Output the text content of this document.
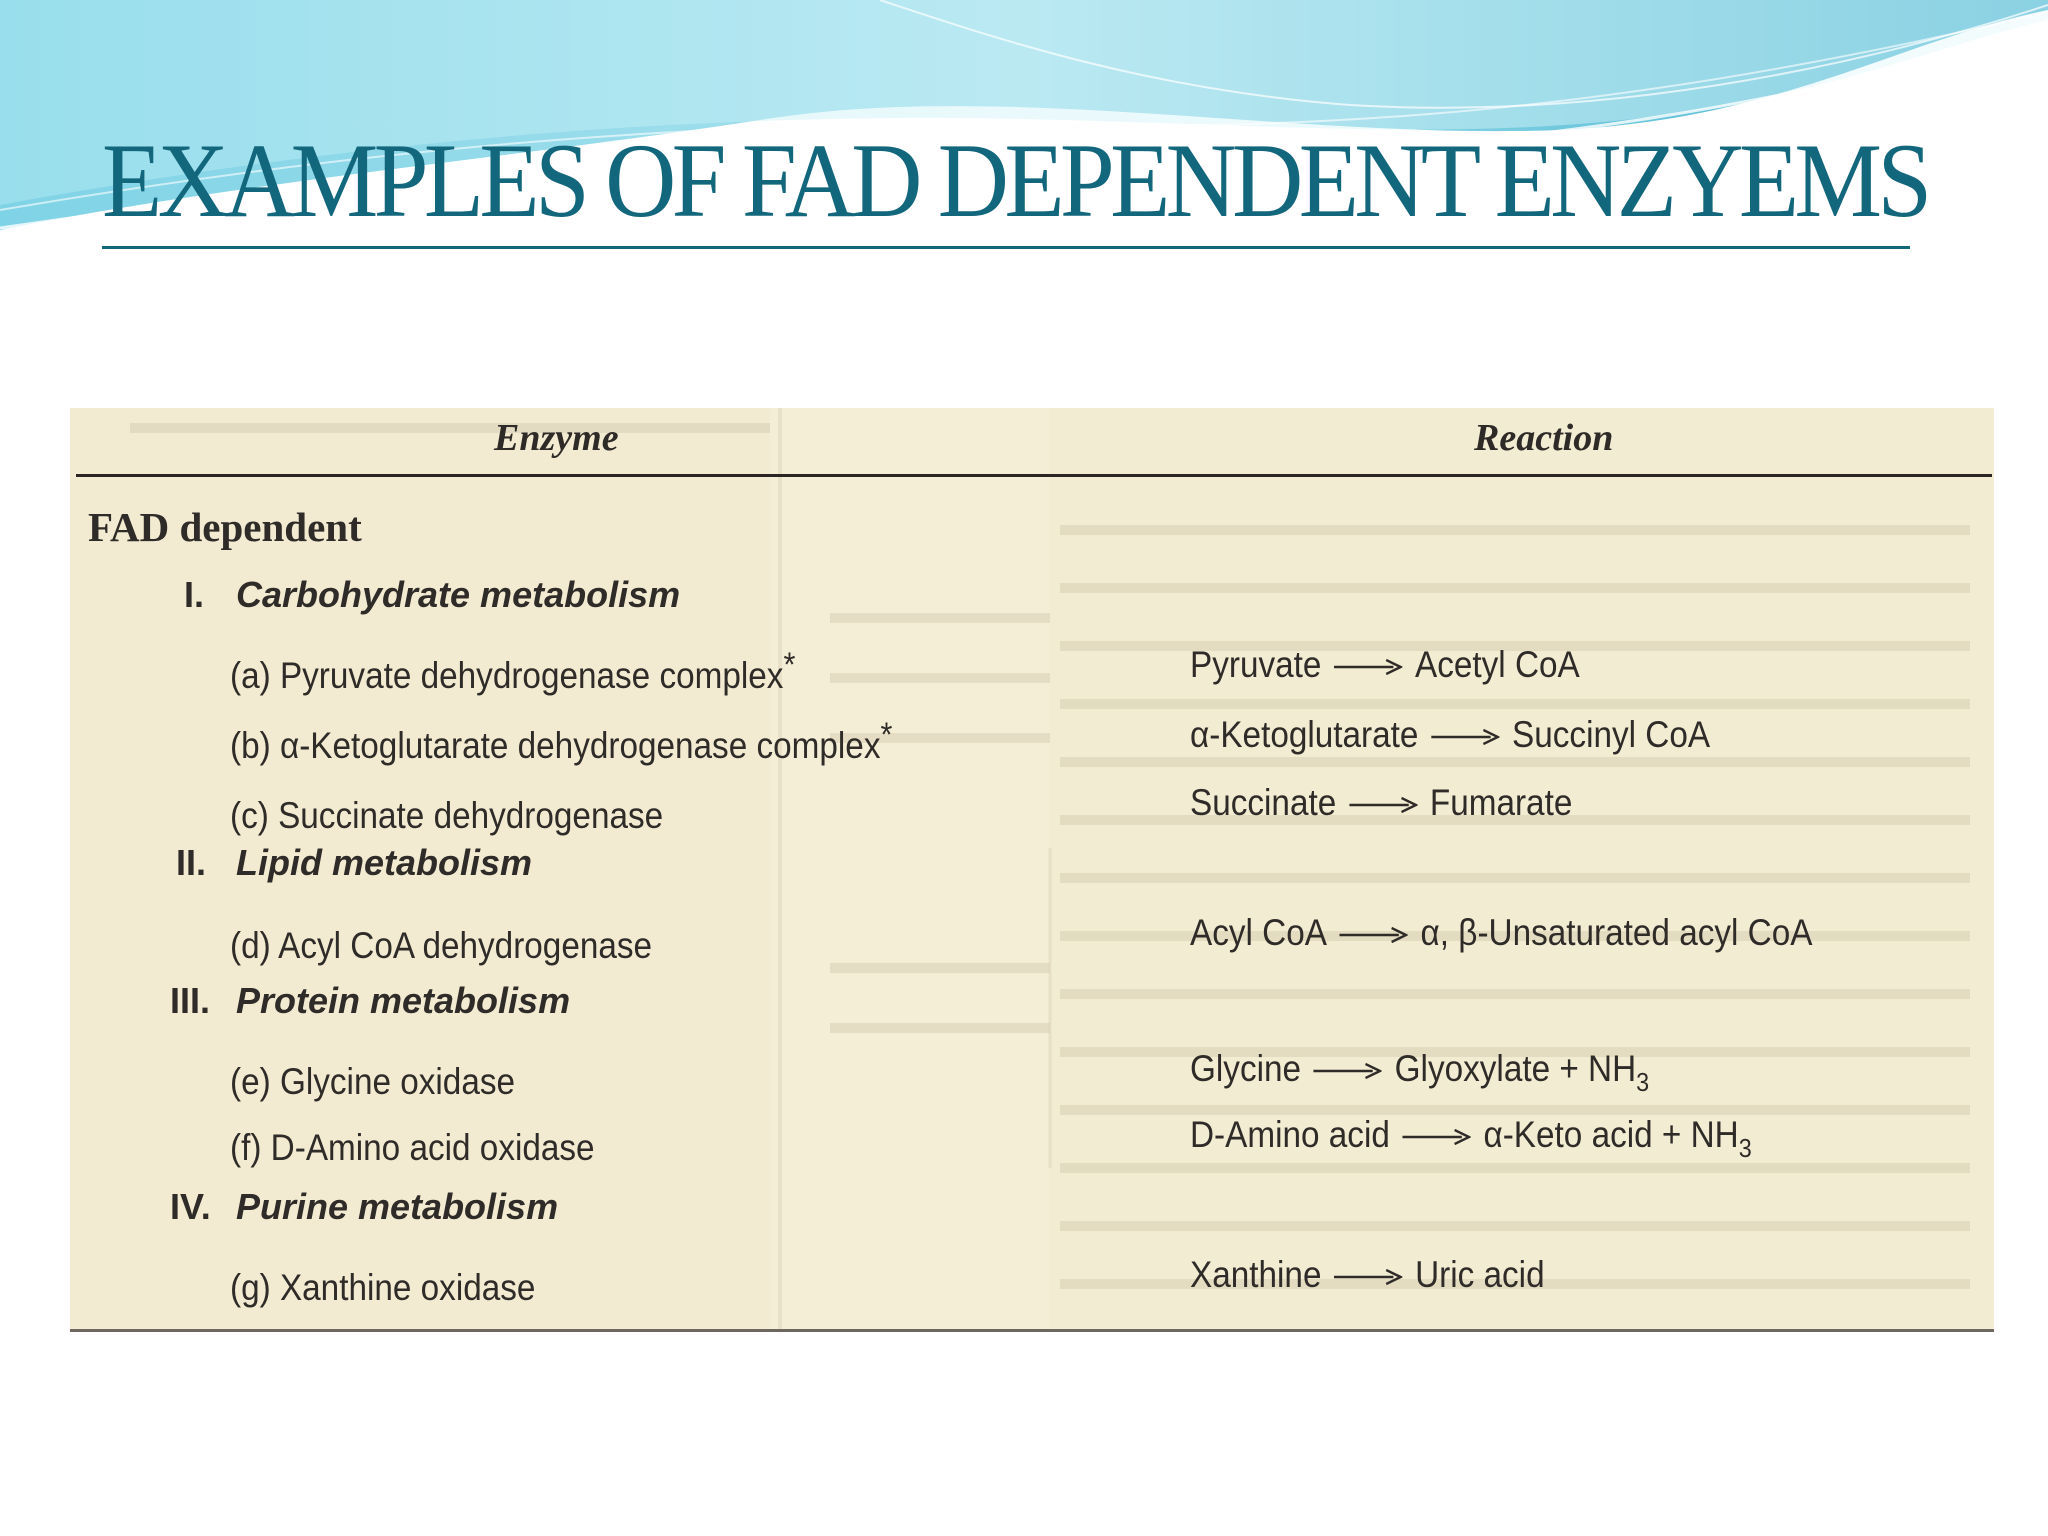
EXAMPLES OF FAD DEPENDENT ENZYEMS
Enzyme	Reaction
FAD dependent
I. Carbohydrate metabolism
(a) Pyruvate dehydrogenase complex*	Pyruvate → Acetyl CoA
(b) α-Ketoglutarate dehydrogenase complex*	α-Ketoglutarate → Succinyl CoA
(c) Succinate dehydrogenase	Succinate → Fumarate
II. Lipid metabolism
(d) Acyl CoA dehydrogenase	Acyl CoA → α, β-Unsaturated acyl CoA
III. Protein metabolism
(e) Glycine oxidase	Glycine → Glyoxylate + $NH_3$
(f) D-Amino acid oxidase	D-Amino acid → α-Keto acid + $NH_3$
IV. Purine metabolism
(g) Xanthine oxidase	Xanthine → Uric acid
